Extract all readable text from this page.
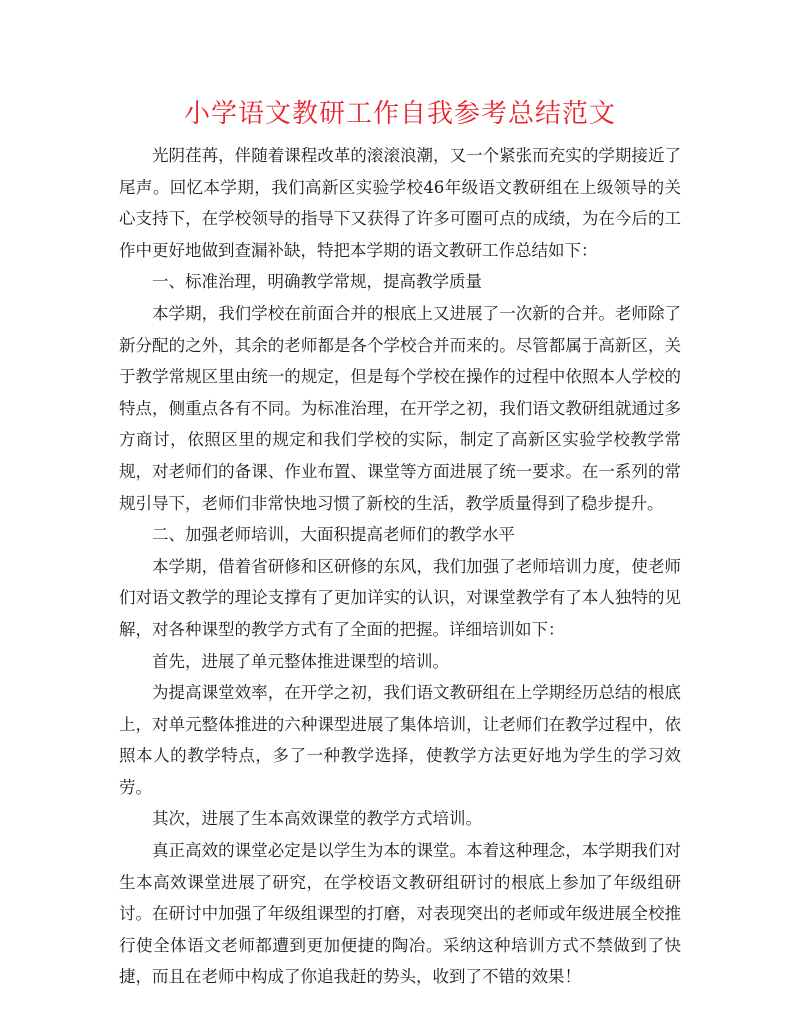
小学语文教研工作自我参考总结范文

光阴荏苒，伴随着课程改革的滚滚浪潮，又一个紧张而充实的学期接近了尾声。回忆本学期，我们高新区实验学校46年级语文教研组在上级领导的关心支持下，在学校领导的指导下又获得了许多可圈可点的成绩，为在今后的工作中更好地做到查漏补缺，特把本学期的语文教研工作总结如下：

一、标准治理，明确教学常规，提高教学质量

本学期，我们学校在前面合并的根底上又进展了一次新的合并。老师除了新分配的之外，其余的老师都是各个学校合并而来的。尽管都属于高新区，关于教学常规区里由统一的规定，但是每个学校在操作的过程中依照本人学校的特点，侧重点各有不同。为标准治理，在开学之初，我们语文教研组就通过多方商讨，依照区里的规定和我们学校的实际，制定了高新区实验学校教学常规，对老师们的备课、作业布置、课堂等方面进展了统一要求。在一系列的常规引导下，老师们非常快地习惯了新校的生活，教学质量得到了稳步提升。

二、加强老师培训，大面积提高老师们的教学水平

本学期，借着省研修和区研修的东风，我们加强了老师培训力度，使老师们对语文教学的理论支撑有了更加详实的认识，对课堂教学有了本人独特的见解，对各种课型的教学方式有了全面的把握。详细培训如下：

首先，进展了单元整体推进课型的培训。

为提高课堂效率，在开学之初，我们语文教研组在上学期经历总结的根底上，对单元整体推进的六种课型进展了集体培训，让老师们在教学过程中，依照本人的教学特点，多了一种教学选择，使教学方法更好地为学生的学习效劳。

其次，进展了生本高效课堂的教学方式培训。

真正高效的课堂必定是以学生为本的课堂。本着这种理念，本学期我们对生本高效课堂进展了研究，在学校语文教研组研讨的根底上参加了年级组研讨。在研讨中加强了年级组课型的打磨，对表现突出的老师或年级进展全校推行使全体语文老师都遭到更加便捷的陶冶。采纳这种培训方式不禁做到了快捷，而且在老师中构成了你追我赶的势头，收到了不错的效果！
